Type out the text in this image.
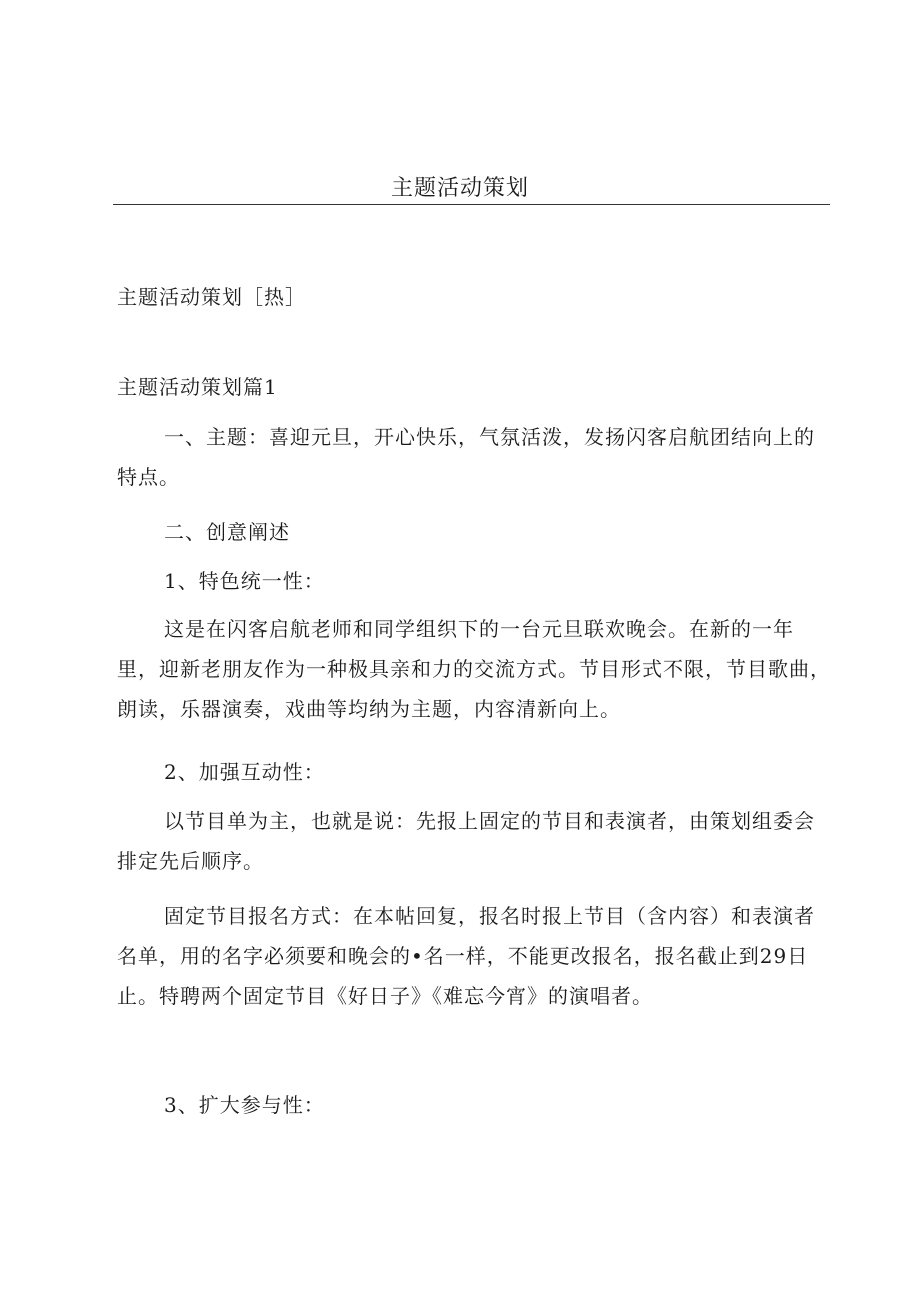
主题活动策划
主题活动策划［热］
主题活动策划篇1
一、主题：喜迎元旦，开心快乐，气氛活泼，发扬闪客启航团结向上的特点。
二、创意阐述
1、特色统一性：
这是在闪客启航老师和同学组织下的一台元旦联欢晚会。在新的一年里，迎新老朋友作为一种极具亲和力的交流方式。节目形式不限，节目歌曲，朗读，乐器演奏，戏曲等均纳为主题，内容清新向上。
2、加强互动性：
以节目单为主，也就是说：先报上固定的节目和表演者，由策划组委会排定先后顺序。
固定节目报名方式：在本帖回复，报名时报上节目（含内容）和表演者名单，用的名字必须要和晚会的•名一样，不能更改报名，报名截止到29日止。特聘两个固定节目《好日子》《难忘今宵》的演唱者。
3、扩大参与性：
